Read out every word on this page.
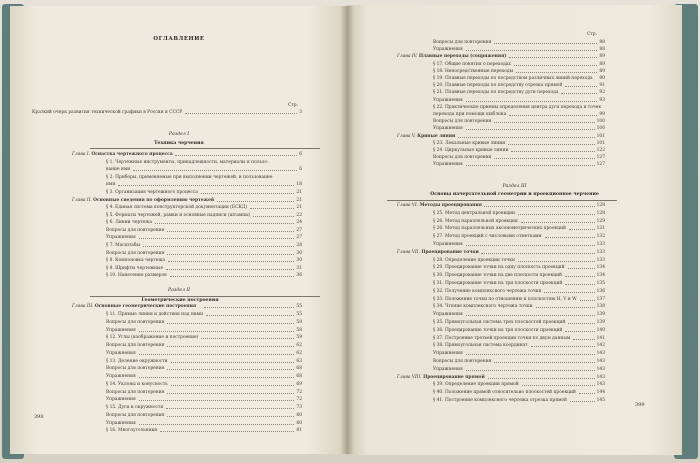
ОГЛАВЛЕНИЕ
Стр.
Краткий очерк развития технической графики в России и СССР	3
Раздел I
Техника черчения
Глава I. Оснастка чертежного процесса	6
§ 1. Чертежные инструменты, принадлежности, материалы и пользо-
вание ими	6
§ 2. Приборы, применяемые при выполнении чертежей, и пользование
ими	18
§ 3. Организация чертежного процесса	21
Глава II. Основные сведения по оформлению чертежей	21
§ 4. Единая система конструкторской документации (ЕСКД)	21
§ 5. Форматы чертежей, рамки и основные надписи (штампы)	22
§ 6. Линии чертежа	24
Вопросы для повторения	27
Упражнения	27
§ 7. Масштабы	28
Вопросы для повторения	30
§ 8. Компоновка чертежа	30
§ 9. Шрифты чертежные	31
§ 10. Нанесение размеров	36
Раздел II
Геометрические построения
Глава III. Основные геометрические построения	55
§ 11. Прямые линии и действия над ними	55
Вопросы для повторения	58
Упражнения	58
§ 12. Углы (изображение и построение)	59
Вопросы для повторения	62
Упражнения	62
§ 13. Деление окружности	63
Вопросы для повторения	68
Упражнения	68
§ 14. Уклоны и конусность	69
Вопросы для повторения	72
Упражнения	72
§ 15. Дуги и окружности	73
Вопросы для повторения	80
Упражнения	80
§ 16. Многоугольники	81
398
Стр.
Вопросы для повторения	88
Упражнения	88
Глава IV. Плавные переходы (сопряжения)	89
§ 17. Общие понятия о переходах	89
§ 18. Непосредственные переходы	89
§ 19. Плавные переходы по посредством различных линий перехода 90
§ 20. Плавные переходы по посредству отрезка прямой	91
§ 21. Плавные переходы по посредству дуги перехода	92
Упражнения	93
§ 22. Практические приемы определения центра дуги перехода и точек
перехода при помощи шаблона	99
Вопросы для повторения	100
Упражнения	100
Глава V. Кривые линии	101
§ 23. Лекальные кривые линии	101
§ 24. Циркульные кривые линии	122
Вопросы для повторения	127
Упражнения	127
Раздел III
Основы начертательной геометрии и проекционное черчение
Глава VI. Методы проецирования	128
§ 25. Метод центральной проекции	128
§ 26. Метод параллельной проекции	129
§ 26. Метод параллельных аксонометрических проекций	131
§ 27. Метод проекций с числовыми отметками	132
Упражнения	133
Глава VII. Проецирование точки	133
§ 28. Определение проекции точки	133
§ 29. Проецирование точки на одну плоскость проекций	134
§ 30. Проецирование точки на две плоскости проекций	134
§ 31. Проецирование точки на три плоскости проекций	135
§ 32. Получение комплексного чертежа точки	136
§ 33. Положение точки по отношению к плоскостям H, V и W	137
§ 34. Чтение комплексного чертежа точки	138
Упражнения	139
§ 35. Прямоугольная система трех плоскостей проекций	139
§ 36. Проецирование точки на три плоскости проекций	140
§ 37. Построение третьей проекции точки по двум данным	141
§ 38. Прямоугольная система координат	142
Упражнения	143
Вопросы для повторения	143
Упражнения	143
Глава VIII. Проецирование прямой	143
§ 39. Определение проекции прямой	143
§ 40. Положение прямой относительно плоскостей проекций	144
§ 41. Построение комплексного чертежа отрезка прямой	145
399
